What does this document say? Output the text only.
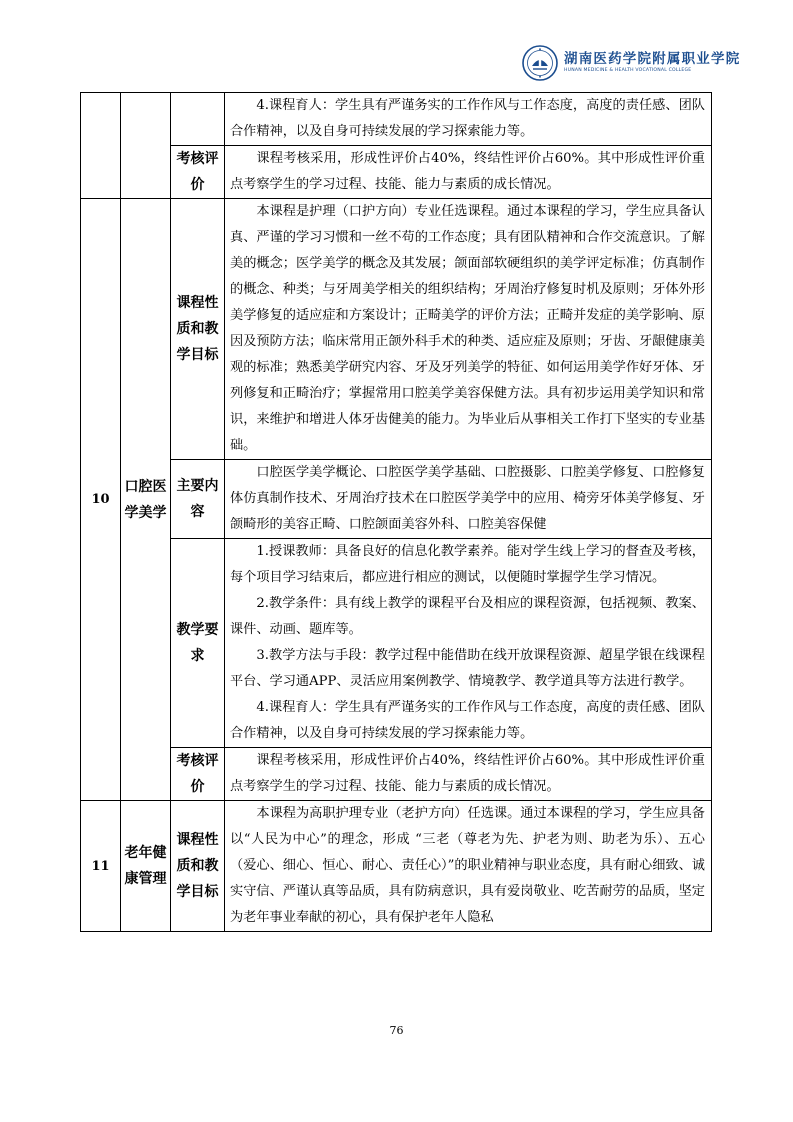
湖南医药学院附属职业学院
HUNAN MEDICINE & HEALTH VOCATIONAL COLLEGE

			4.课程育人：学生具有严谨务实的工作作风与工作态度，高度的责任感、团队合作精神，以及自身可持续发展的学习探索能力等。

		考核评价	课程考核采用，形成性评价占40%，终结性评价占60%。其中形成性评价重点考察学生的学习过程、技能、能力与素质的成长情况。

10	口腔医学美学	课程性质和教学目标	本课程是护理（口护方向）专业任选课程。通过本课程的学习，学生应具备认真、严谨的学习习惯和一丝不苟的工作态度；具有团队精神和合作交流意识。了解美的概念；医学美学的概念及其发展；颌面部软硬组织的美学评定标准；仿真制作的概念、种类；与牙周美学相关的组织结构；牙周治疗修复时机及原则；牙体外形美学修复的适应症和方案设计；正畸美学的评价方法；正畸并发症的美学影响、原因及预防方法；临床常用正颌外科手术的种类、适应症及原则；牙齿、牙龈健康美观的标准；熟悉美学研究内容、牙及牙列美学的特征、如何运用美学作好牙体、牙列修复和正畸治疗；掌握常用口腔美学美容保健方法。具有初步运用美学知识和常识，来维护和增进人体牙齿健美的能力。为毕业后从事相关工作打下坚实的专业基础。

		主要内容	口腔医学美学概论、口腔医学美学基础、口腔摄影、口腔美学修复、口腔修复体仿真制作技术、牙周治疗技术在口腔医学美学中的应用、椅旁牙体美学修复、牙颌畸形的美容正畸、口腔颌面美容外科、口腔美容保健

		教学要求	1.授课教师：具备良好的信息化教学素养。能对学生线上学习的督查及考核，每个项目学习结束后，都应进行相应的测试，以便随时掌握学生学习情况。

2.教学条件：具有线上教学的课程平台及相应的课程资源，包括视频、教案、课件、动画、题库等。

3.教学方法与手段：教学过程中能借助在线开放课程资源、超星学银在线课程平台、学习通APP、灵活应用案例教学、情境教学、教学道具等方法进行教学。

4.课程育人：学生具有严谨务实的工作作风与工作态度，高度的责任感、团队合作精神，以及自身可持续发展的学习探索能力等。

		考核评价	课程考核采用，形成性评价占40%，终结性评价占60%。其中形成性评价重点考察学生的学习过程、技能、能力与素质的成长情况。

11	老年健康管理	课程性质和教学目标	本课程为高职护理专业（老护方向）任选课。通过本课程的学习，学生应具备以“人民为中心”的理念，形成 “三老（尊老为先、护老为则、助老为乐）、五心（爱心、细心、恒心、耐心、责任心）”的职业精神与职业态度，具有耐心细致、诚实守信、严谨认真等品质，具有防病意识，具有爱岗敬业、吃苦耐劳的品质，坚定为老年事业奉献的初心，具有保护老年人隐私

76
